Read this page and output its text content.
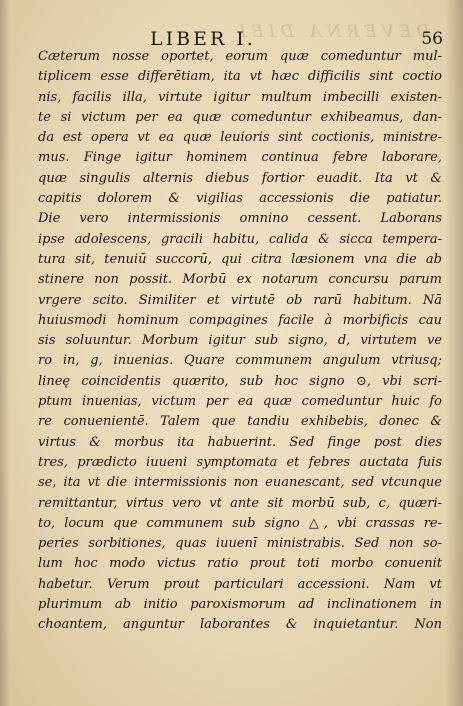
DEVERNA DIEI
LIBER I.	56
Cæterum nosse oportet, eorum quæ comeduntur mul-
tiplicem esse differētiam, ita vt hæc difficilis sint coctio
nis, facilis illa, virtute igitur multum imbecilli existen-
te si victum per ea quæ comeduntur exhibeamus, dan-
da est opera vt ea quæ leuioris sint coctionis, ministre-
mus. Finge igitur hominem continua febre laborare,
quæ singulis alternis diebus fortior euadit. Ita vt &
capitis dolorem & vigilias accessionis die patiatur.
Die vero intermissionis omnino cessent. Laborans
ipse adolescens, gracili habitu, calida & sicca tempera-
tura sit, tenuiū succorū, qui citra læsionem vna die ab
stinere non possit. Morbū ex notarum concursu parum
vrgere scito. Similiter et virtutē ob rarū habitum. Nā
huiusmodi hominum compagines facile à morbificis cau
sis soluuntur. Morbum igitur sub signo, d, virtutem ve
ro in, g, inuenias. Quare communem angulum vtriusq;
lineę coincidentis quærito, sub hoc signo ⊙, vbi scri-
ptum inuenias, victum per ea quæ comeduntur huic fo
re conuenientē. Talem que tandiu exhibebis, donec &
virtus & morbus ita habuerint. Sed finge post dies
tres, prædicto iuueni symptomata et febres auctata fuis
se, ita vt die intermissionis non euanescant, sed vtcunque
remittantur, virtus vero vt ante sit morbū sub, c, quæri-
to, locum que communem sub signo △, vbi crassas re-
peries sorbitiones, quas iuuenī ministrabis. Sed non so-
lum hoc modo victus ratio prout toti morbo conuenit
habetur. Verum prout particulari accessioni. Nam vt
plurimum ab initio paroxismorum ad inclinationem in
choantem, anguntur laborantes & inquietantur. Non
